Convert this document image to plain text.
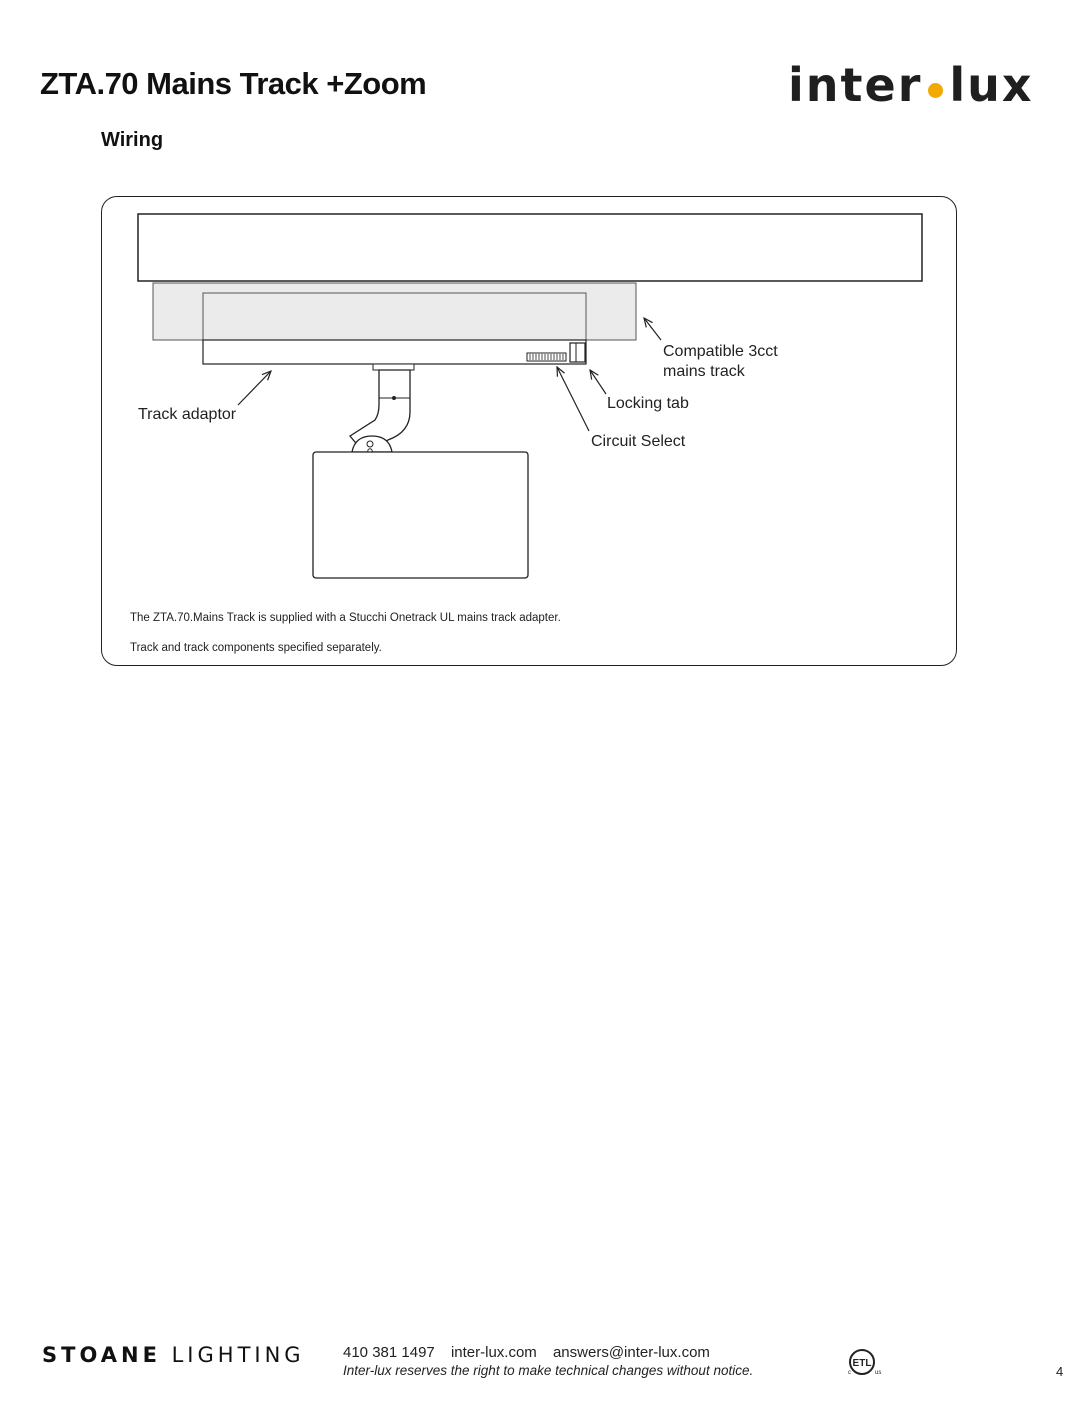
ZTA.70 Mains Track +Zoom	inter lux
Wiring
Compatible 3cct
mains track
Locking tab
Track adaptor
Circuit Select

The ZTA.70.Mains Track is supplied with a Stucchi Onetrack UL mains track adapter.

Track and track components specified separately.

STOANE LIGHTING	410 381 1497 inter-lux.com answers@inter-lux.com
Inter-lux reserves the right to make technical changes without notice.	ETL
c	us	4
